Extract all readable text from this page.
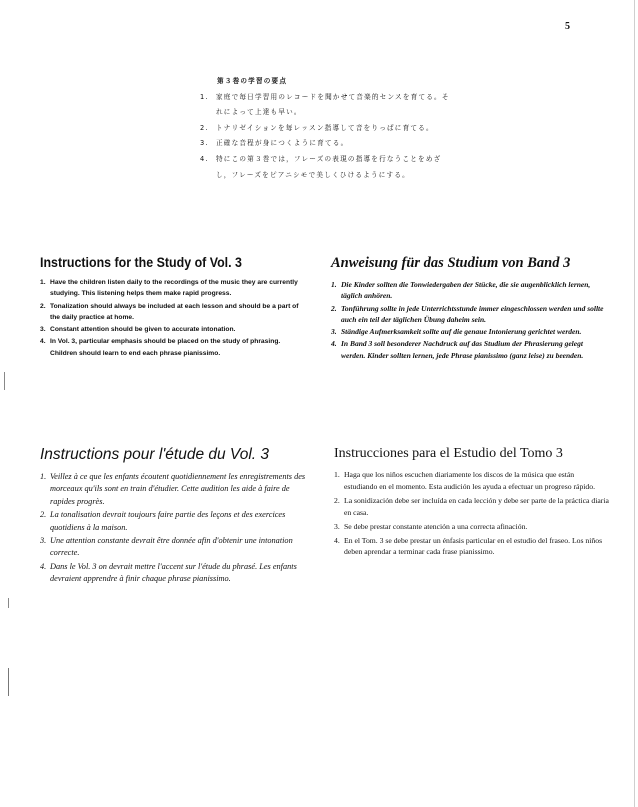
5
第３巻の学習の要点
1.	家庭で毎日学習用のレコードを聞かせて音楽的センスを育てる。それによって上達も早い。
2.	トナリゼイションを毎レッスン指導して音をりっぱに育てる。
3.	正確な音程が身につくように育てる。
4.	特にこの第３巻では，フレーズの表現の指導を行なうことをめざし，フレーズをピアニシモで美しくひけるようにする。
Instructions for the Study of Vol. 3
1. Have the children listen daily to the recordings of the music they are currently studying. This listening helps them make rapid progress.
2. Tonalization should always be included at each lesson and should be a part of the daily practice at home.
3. Constant attention should be given to accurate intonation.
4. In Vol. 3, particular emphasis should be placed on the study of phrasing. Children should learn to end each phrase pianissimo.
Anweisung für das Studium von Band 3
1. Die Kinder sollten die Tonwiedergaben der Stücke, die sie augenblicklich lernen, täglich anhören.
2. Tonführung sollte in jede Unterrichtsstunde immer eingeschlossen werden und sollte auch ein teil der täglichen Übung daheim sein.
3. Ständige Aufmerksamkeit sollte auf die genaue Intonierung gerichtet werden.
4. In Band 3 soll besonderer Nachdruck auf das Studium der Phrasierung gelegt werden. Kinder sollten lernen, jede Phrase pianissimo (ganz leise) zu beenden.
Instructions pour l'étude du Vol. 3
1. Veillez à ce que les enfants écoutent quotidiennement les enregistrements des morceaux qu'ils sont en train d'étudier. Cette audition les aide à faire de rapides progrès.
2. La tonalisation devrait toujours faire partie des leçons et des exercices quotidiens à la maison.
3. Une attention constante devrait être donnée afin d'obtenir une intonation correcte.
4. Dans le Vol. 3 on devrait mettre l'accent sur l'étude du phrasé. Les enfants devraient apprendre à finir chaque phrase pianissimo.
Instrucciones para el Estudio del Tomo 3
1. Haga que los niños escuchen diariamente los discos de la música que están estudiando en el momento. Esta audición les ayuda a efectuar un progreso rápido.
2. La sonidización debe ser incluída en cada lección y debe ser parte de la práctica diaria en casa.
3. Se debe prestar constante atención a una correcta afinación.
4. En el Tom. 3 se debe prestar un énfasis particular en el estudio del fraseo. Los niños deben aprendar a terminar cada frase pianissimo.
